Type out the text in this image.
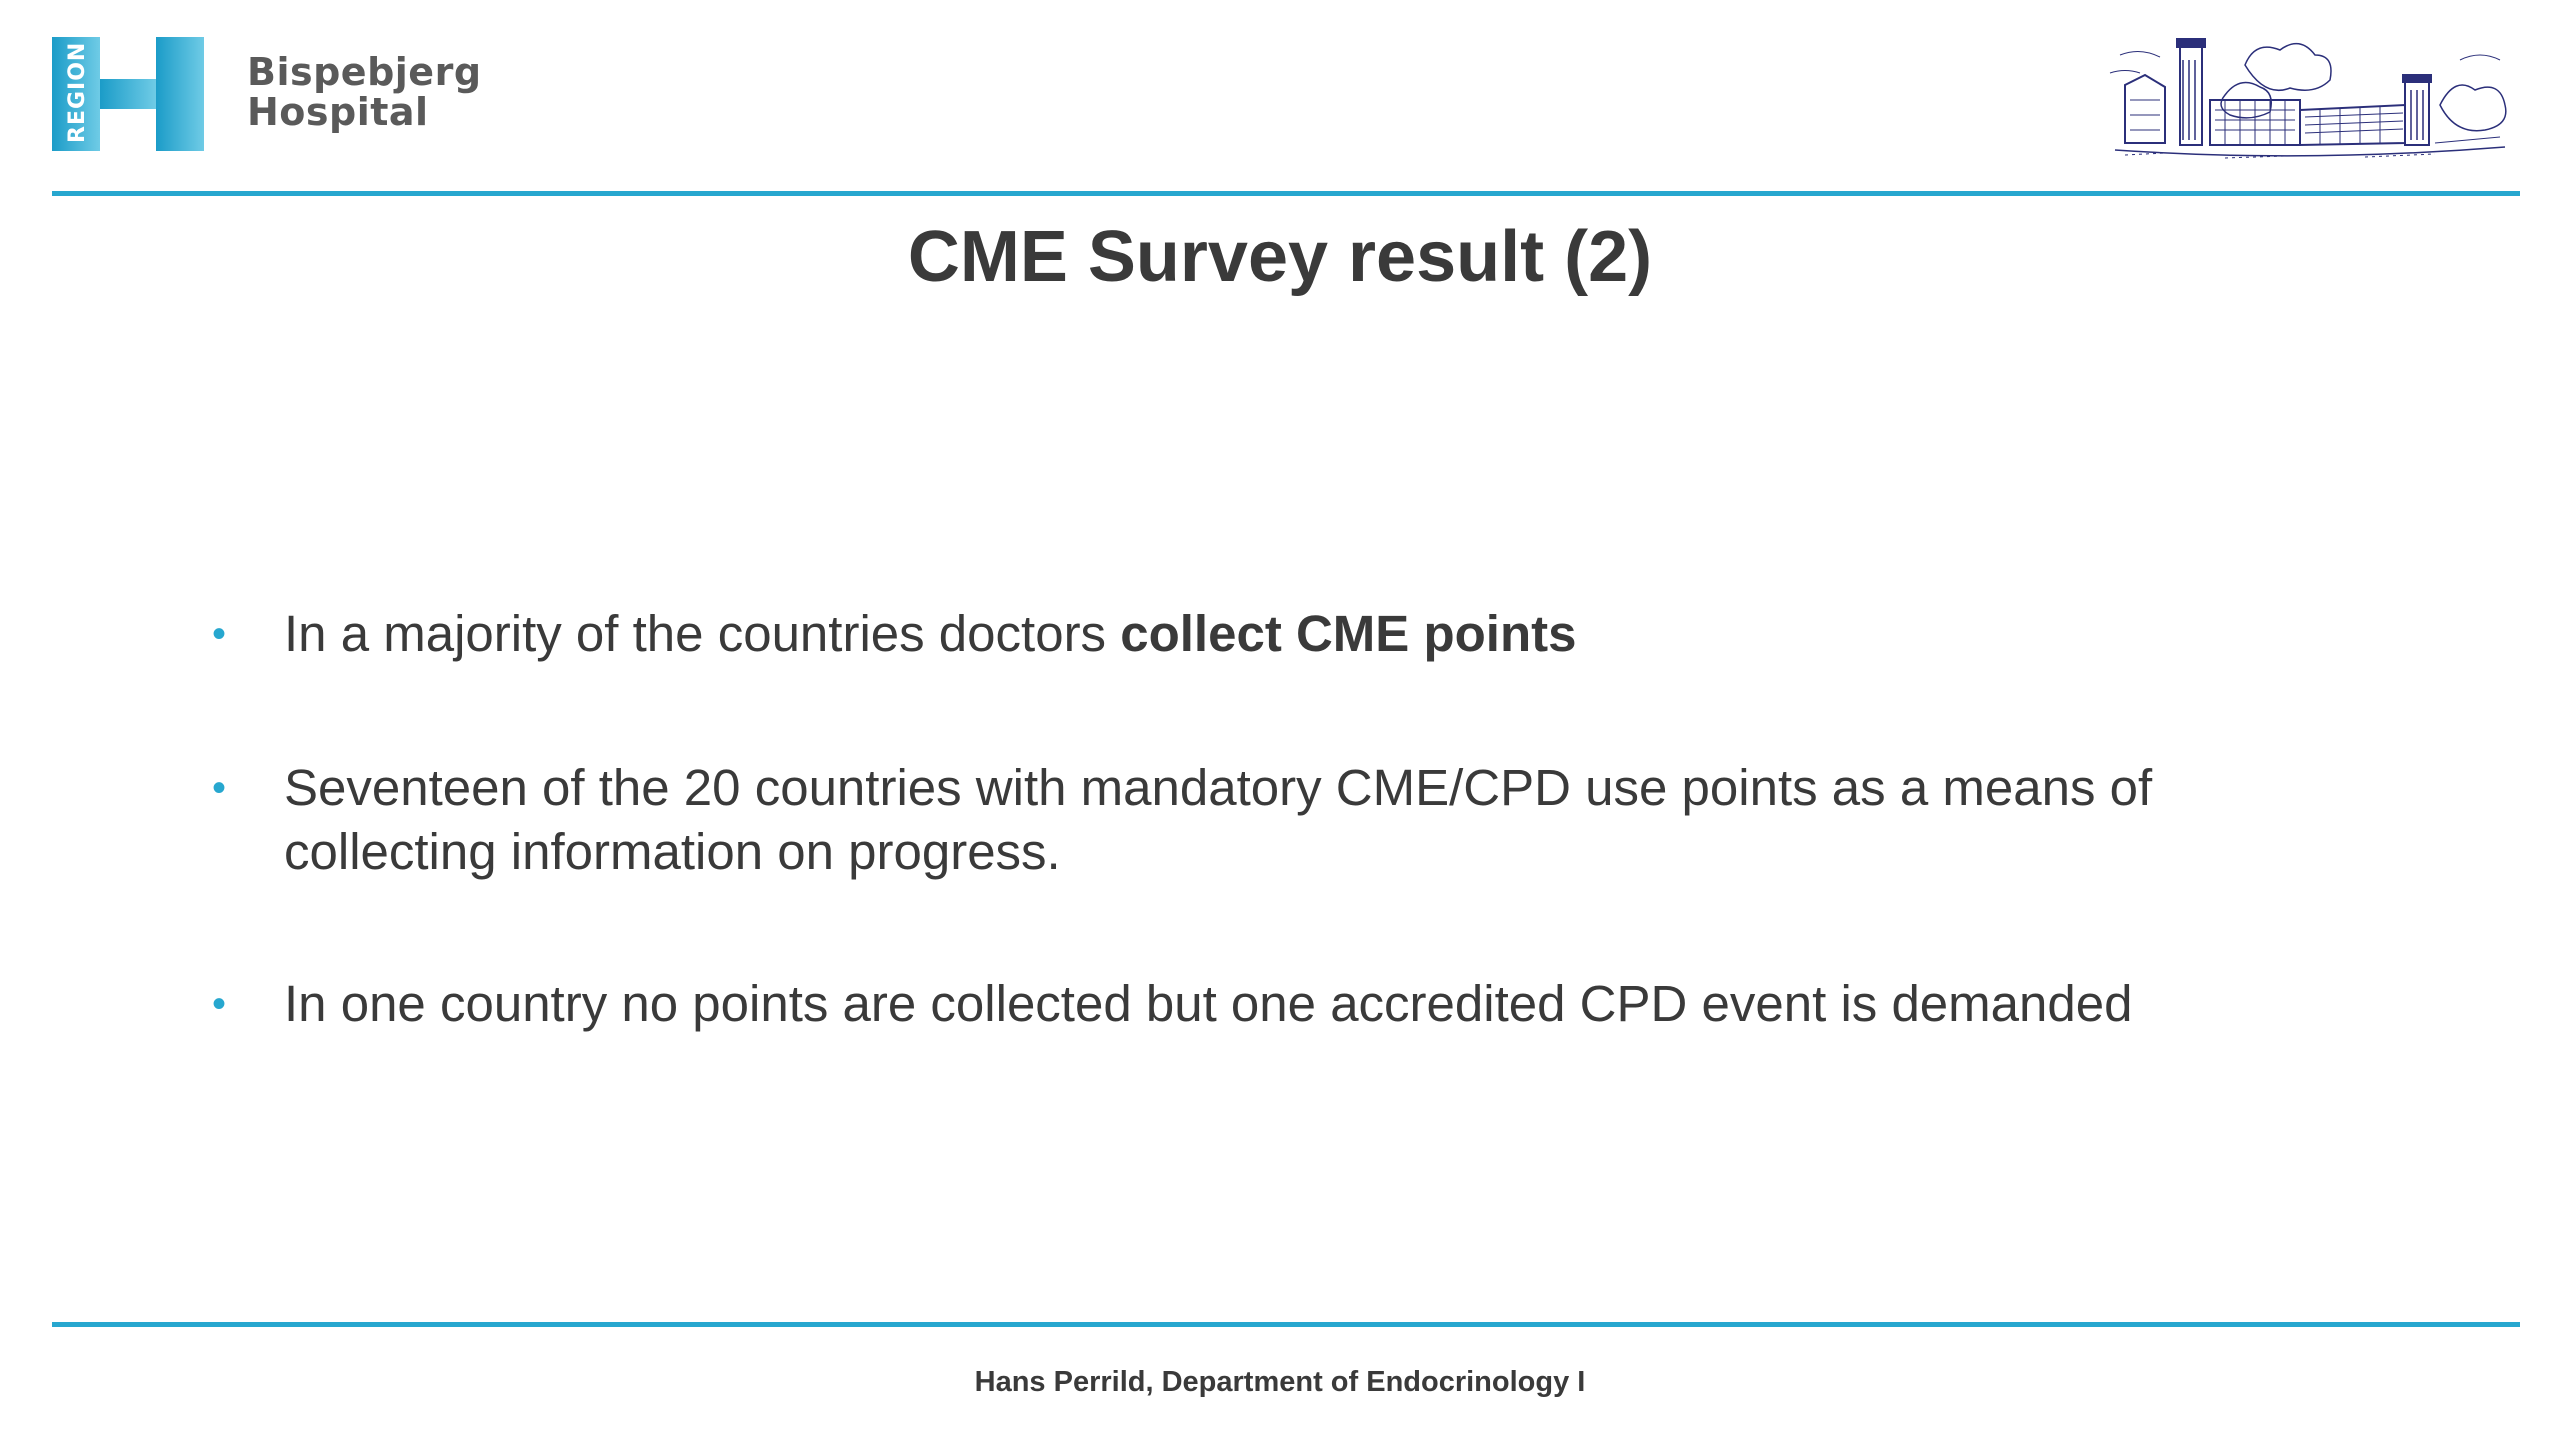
REGION	Bispebjerg
Hospital
CME Survey result (2)
• In a majority of the countries doctors collect CME points
• Seventeen of the 20 countries with mandatory CME/CPD use points as a means of collecting information on progress.
• In one country no points are collected but one accredited CPD event is demanded
Hans Perrild, Department of Endocrinology I
